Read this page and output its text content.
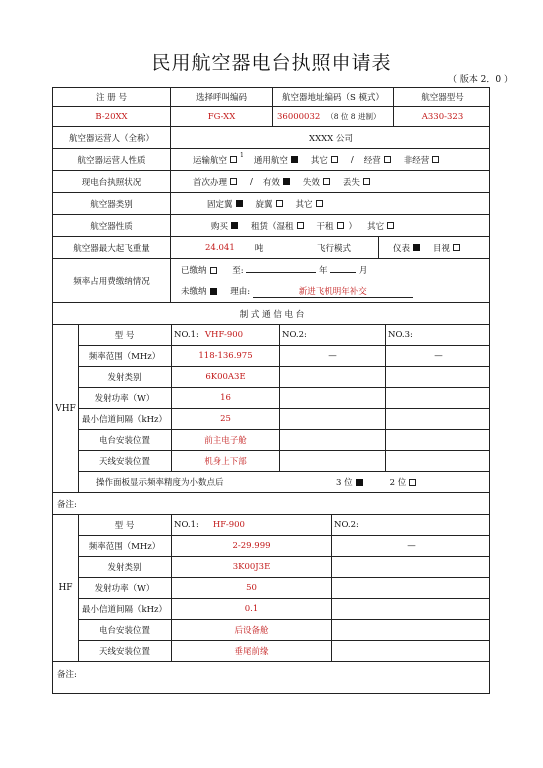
民用航空器电台执照申请表
（ 版本 2．0 ）
注 册 号	选择呼叫编码	航空器地址编码（S 模式）	航空器型号
B-20XX	FG-XX	36000032 （8 位 8 进制）	A330-323
航空器运营人（全称）	XXXX 公司
航空器运营人性质	运输航空 1 通用航空	其它	/ 经营	非经营
现电台执照状况	首次办理	/ 有效	失效	丢失
航空器类别	固定翼	旋翼	其它
航空器性质	购买	租赁（湿租	干租 ） 其它
航空器最大起飞重量	24.041 吨	飞行模式	仪表	目视
频率占用费缴纳情况
已缴纳	至:	年	月
未缴纳	理由:	新进飞机明年补交
制 式 通 信 电 台
VHF
型 号	NO.1: VHF-900	NO.2:	NO.3:
频率范围（MHz）	118-136.975	—	—
发射类别	6K00A3E
发射功率（W）	16
最小信道间隔（kHz）	25
电台安装位置	前主电子舱
天线安装位置	机身上下部
操作面板显示频率精度为小数点后	3 位	2 位
备注:
HF
型 号	NO.1: HF-900	NO.2:
频率范围（MHz）	2-29.999	—
发射类别	3K00J3E
发射功率（W）	50
最小信道间隔（kHz）	0.1
电台安装位置	后设备舱
天线安装位置	垂尾前缘
备注:
